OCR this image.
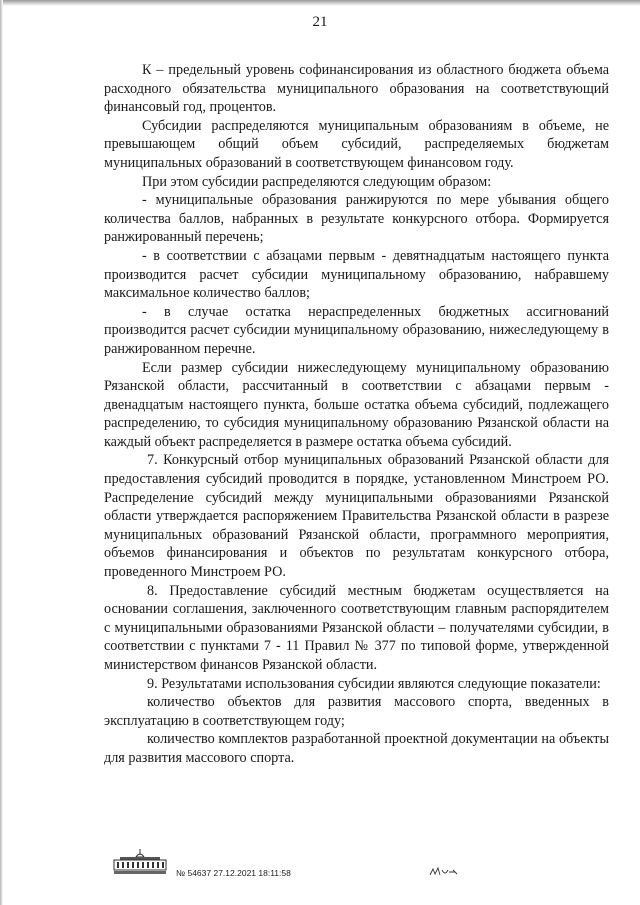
21

К – предельный уровень софинансирования из областного бюджета объема расходного обязательства муниципального образования на соответствующий финансовый год, процентов.

Субсидии распределяются муниципальным образованиям в объеме, не превышающем общий объем субсидий, распределяемых бюджетам муниципальных образований в соответствующем финансовом году.

При этом субсидии распределяются следующим образом:

- муниципальные образования ранжируются по мере убывания общего количества баллов, набранных в результате конкурсного отбора. Формируется ранжированный перечень;

- в соответствии с абзацами первым - девятнадцатым настоящего пункта производится расчет субсидии муниципальному образованию, набравшему максимальное количество баллов;

- в случае остатка нераспределенных бюджетных ассигнований производится расчет субсидии муниципальному образованию, нижеследующему в ранжированном перечне.

Если размер субсидии нижеследующему муниципальному образованию Рязанской области, рассчитанный в соответствии с абзацами первым - двенадцатым настоящего пункта, больше остатка объема субсидий, подлежащего распределению, то субсидия муниципальному образованию Рязанской области на каждый объект распределяется в размере остатка объема субсидий.

7. Конкурсный отбор муниципальных образований Рязанской области для предоставления субсидий проводится в порядке, установленном Минстроем РО. Распределение субсидий между муниципальными образованиями Рязанской области утверждается распоряжением Правительства Рязанской области в разрезе муниципальных образований Рязанской области, программного мероприятия, объемов финансирования и объектов по результатам конкурсного отбора, проведенного Минстроем РО.

8. Предоставление субсидий местным бюджетам осуществляется на основании соглашения, заключенного соответствующим главным распорядителем с муниципальными образованиями Рязанской области – получателями субсидии, в соответствии с пунктами 7 - 11 Правил № 377 по типовой форме, утвержденной министерством финансов Рязанской области.

9. Результатами использования субсидии являются следующие показатели:

количество объектов для развития массового спорта, введенных в эксплуатацию в соответствующем году;

количество комплектов разработанной проектной документации на объекты для развития массового спорта.

№ 54637 27.12.2021 18:11:58
